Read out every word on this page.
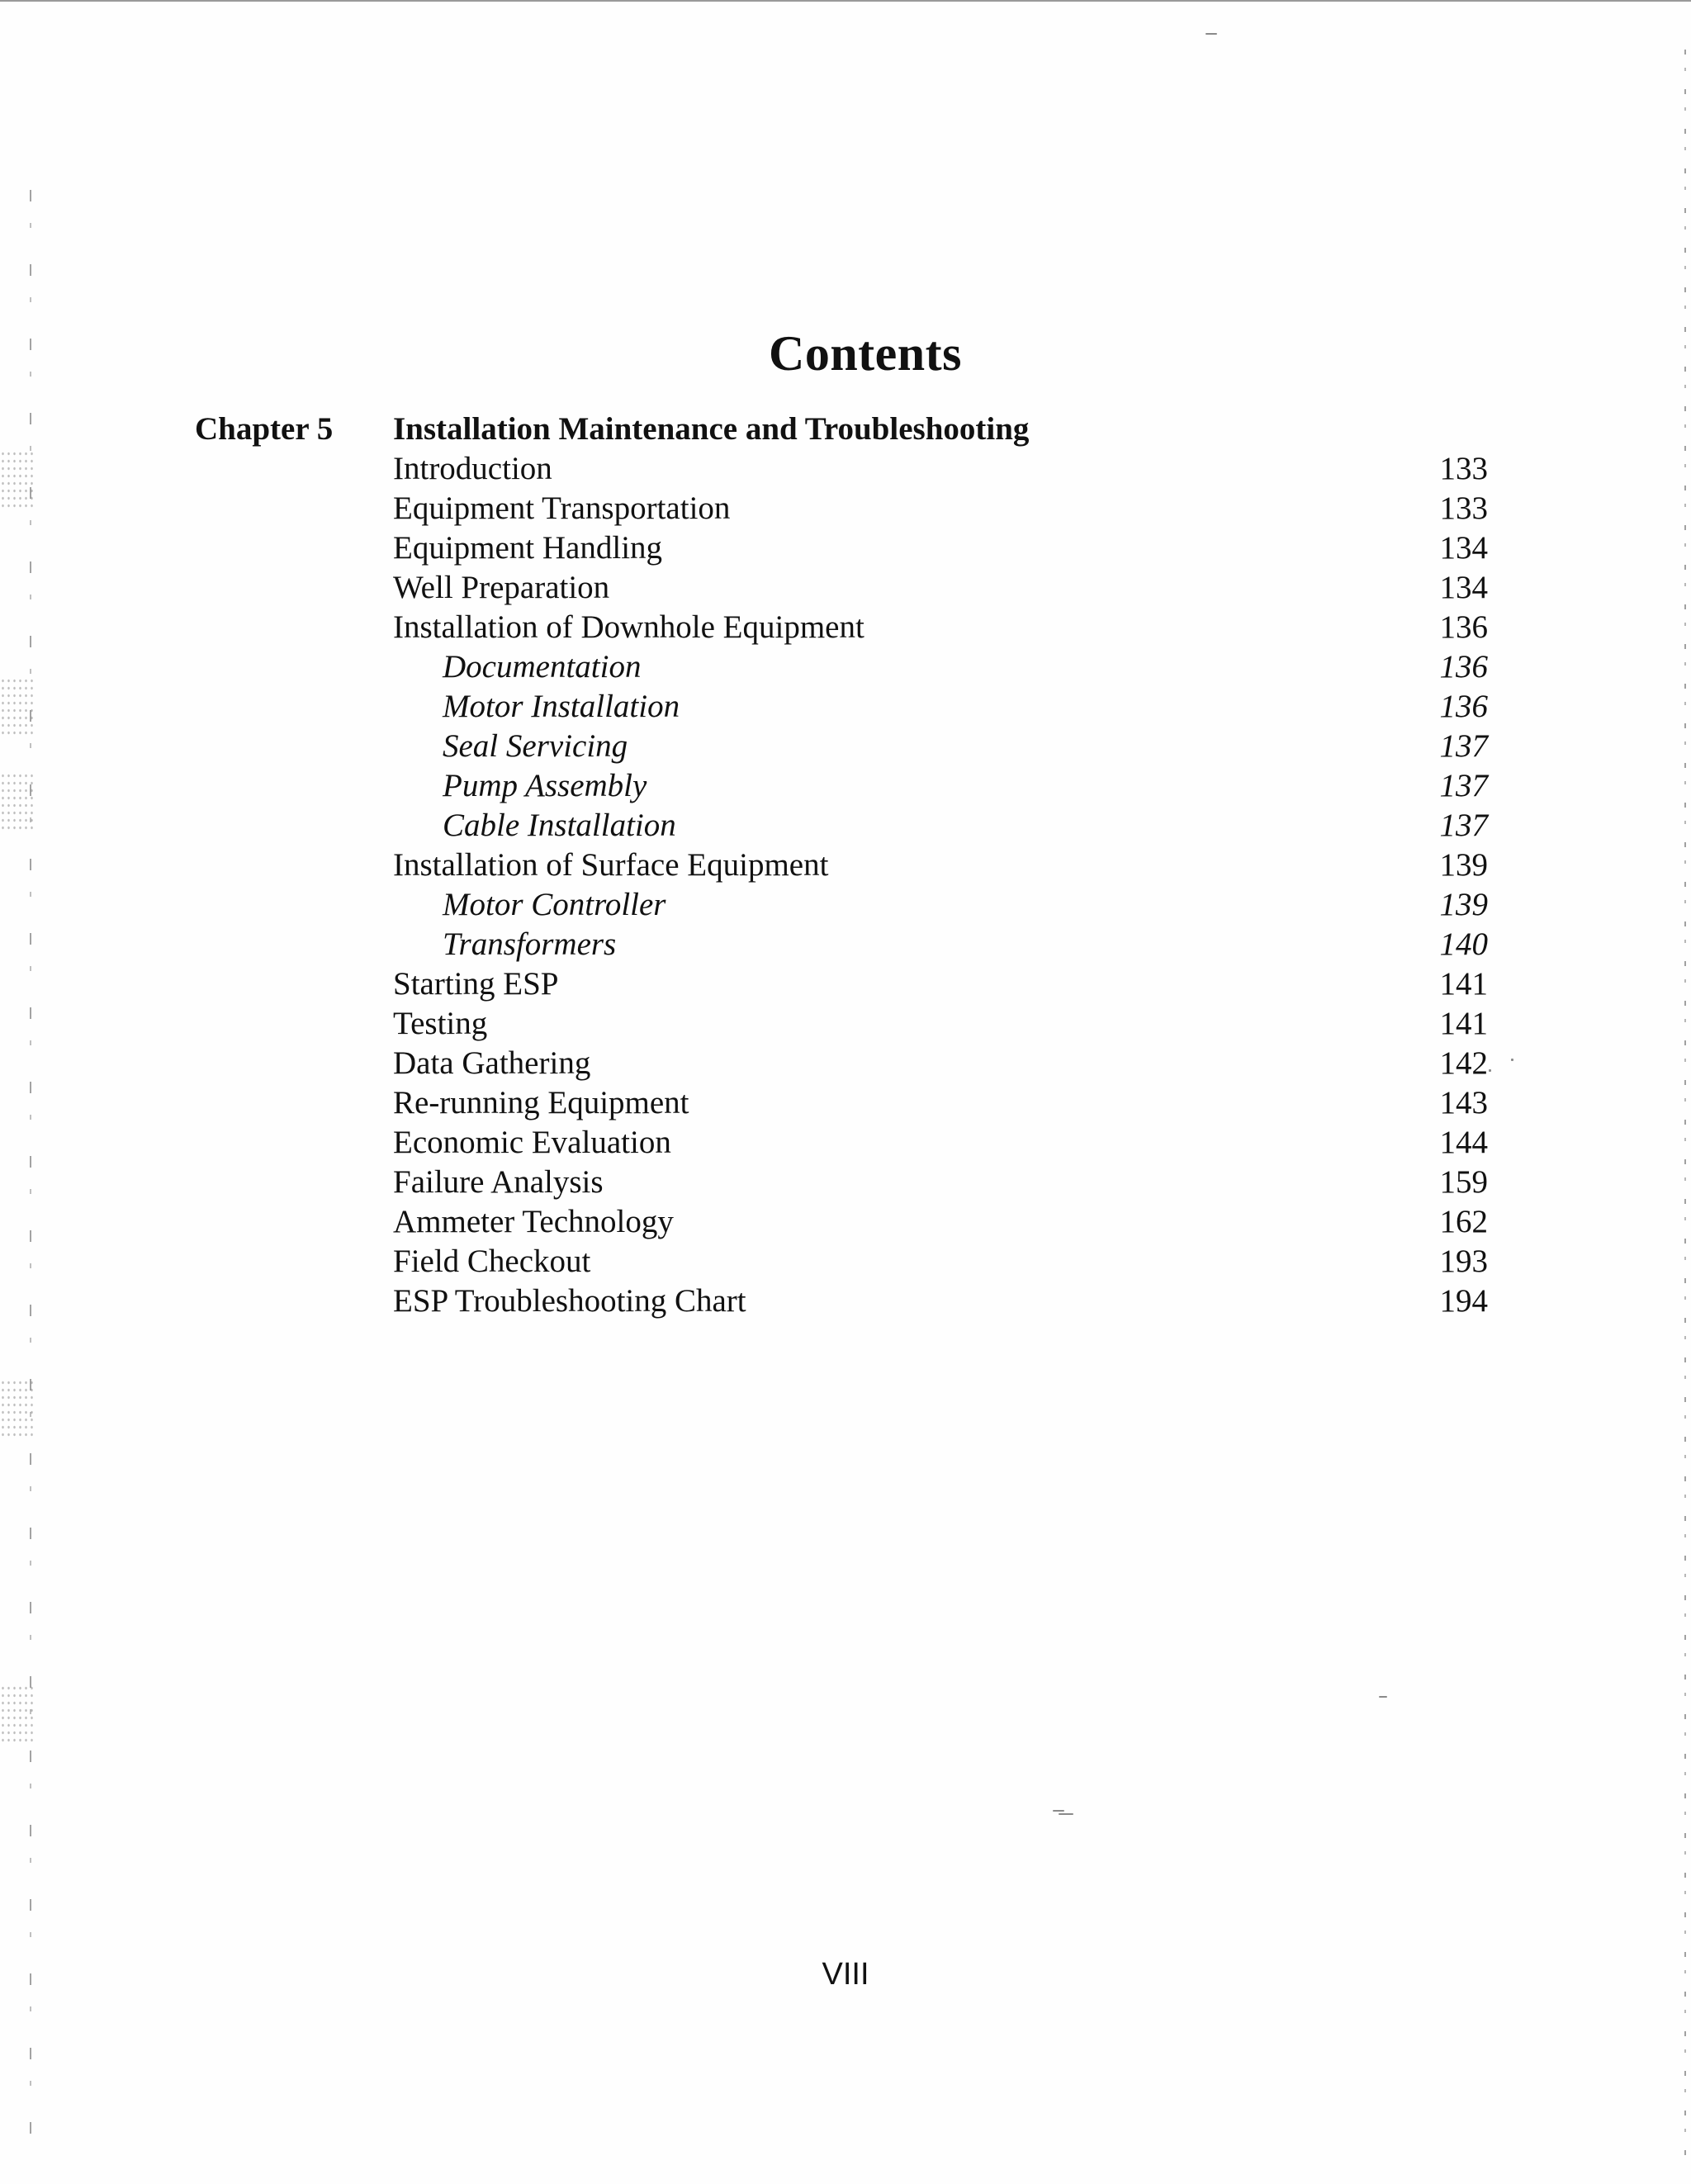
Contents
Chapter 5 Installation Maintenance and Troubleshooting
Introduction	133
Equipment Transportation	133
Equipment Handling	134
Well Preparation	134
Installation of Downhole Equipment	136
Documentation	136
Motor Installation	136
Seal Servicing	137
Pump Assembly	137
Cable Installation	137
Installation of Surface Equipment	139
Motor Controller	139
Transformers	140
Starting ESP	141
Testing	141
Data Gathering	142
Re-running Equipment	143
Economic Evaluation	144
Failure Analysis	159
Ammeter Technology	162
Field Checkout	193
ESP Troubleshooting Chart	194
VIII
